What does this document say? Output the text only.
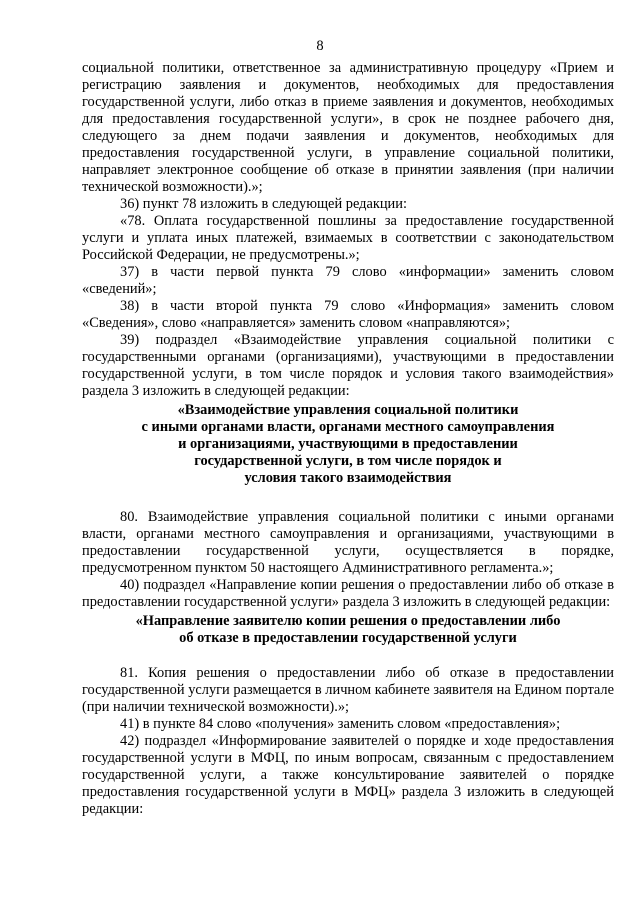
8

социальной политики, ответственное за административную процедуру «Прием и регистрацию заявления и документов, необходимых для предоставления государственной услуги, либо отказ в приеме заявления и документов, необходимых для предоставления государственной услуги», в срок не позднее рабочего дня, следующего за днем подачи заявления и документов, необходимых для предоставления государственной услуги, в управление социальной политики, направляет электронное сообщение об отказе в принятии заявления (при наличии технической возможности).»;

36) пункт 78 изложить в следующей редакции:

«78. Оплата государственной пошлины за предоставление государственной услуги и уплата иных платежей, взимаемых в соответствии с законодательством Российской Федерации, не предусмотрены.»;

37) в части первой пункта 79 слово «информации» заменить словом «сведений»;

38) в части второй пункта 79 слово «Информация» заменить словом «Сведения», слово «направляется» заменить словом «направляются»;

39) подраздел «Взаимодействие управления социальной политики с государственными органами (организациями), участвующими в предоставлении государственной услуги, в том числе порядок и условия такого взаимодействия» раздела 3 изложить в следующей редакции:

«Взаимодействие управления социальной политики
с иными органами власти, органами местного самоуправления
и организациями, участвующими в предоставлении
государственной услуги, в том числе порядок и
условия такого взаимодействия

80. Взаимодействие управления социальной политики с иными органами власти, органами местного самоуправления и организациями, участвующими в предоставлении государственной услуги, осуществляется в порядке, предусмотренном пунктом 50 настоящего Административного регламента.»;

40) подраздел «Направление копии решения о предоставлении либо об отказе в предоставлении государственной услуги» раздела 3 изложить в следующей редакции:

«Направление заявителю копии решения о предоставлении либо
об отказе в предоставлении государственной услуги

81. Копия решения о предоставлении либо об отказе в предоставлении государственной услуги размещается в личном кабинете заявителя на Едином портале (при наличии технической возможности).»;

41) в пункте 84 слово «получения» заменить словом «предоставления»;

42) подраздел «Информирование заявителей о порядке и ходе предоставления государственной услуги в МФЦ, по иным вопросам, связанным с предоставлением государственной услуги, а также консультирование заявителей о порядке предоставления государственной услуги в МФЦ» раздела 3 изложить в следующей редакции:
